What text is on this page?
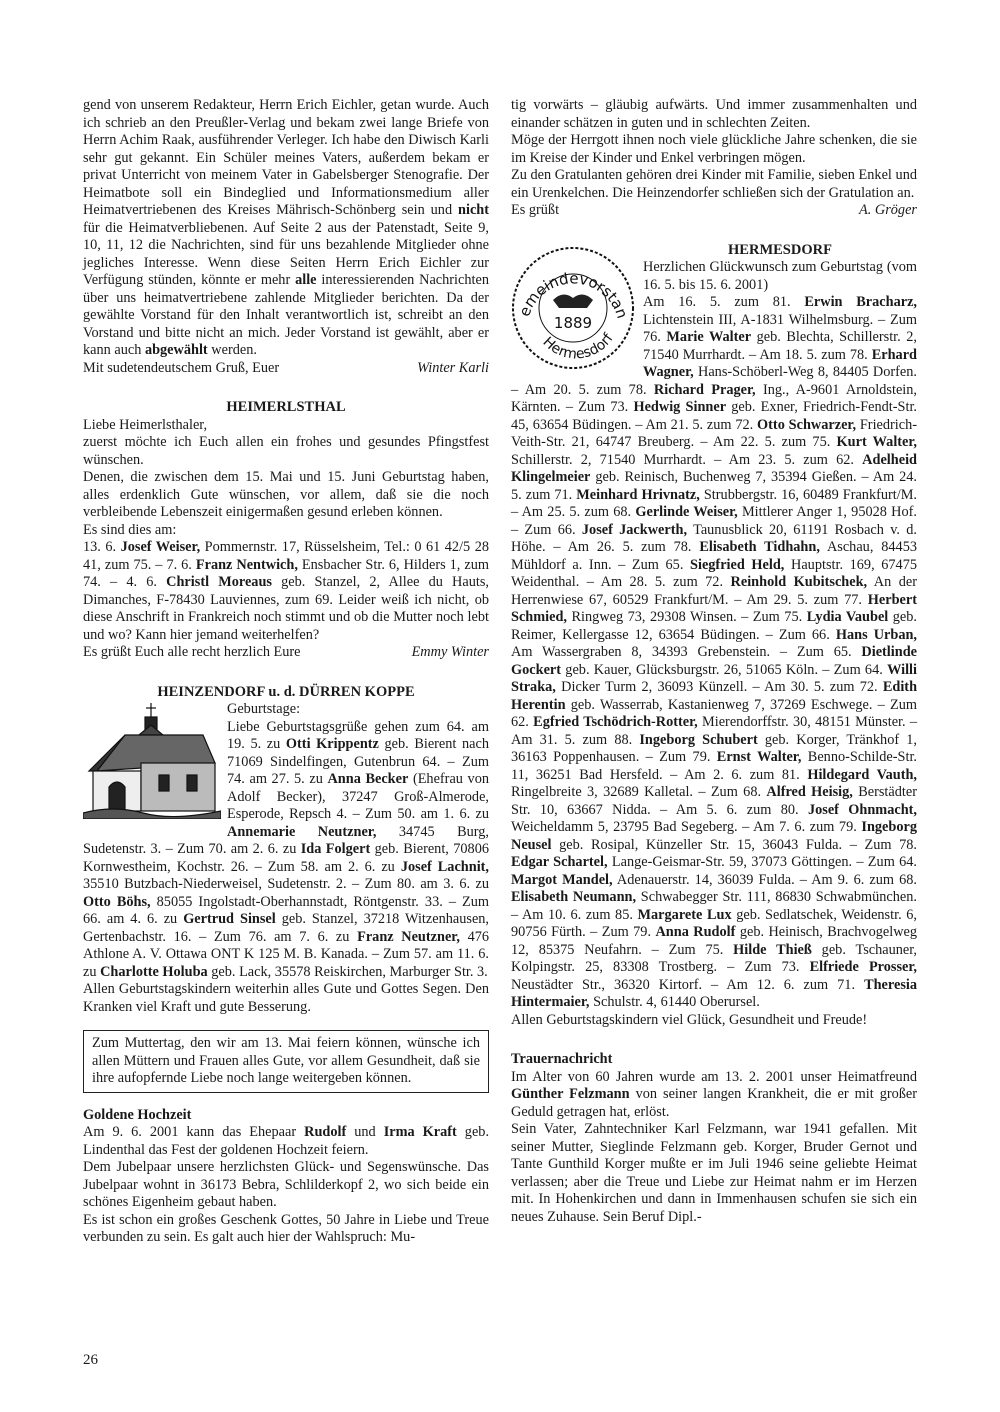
gend von unserem Redakteur, Herrn Erich Eichler, getan wurde. Auch ich schrieb an den Preußler-Verlag und bekam zwei lange Briefe von Herrn Achim Raak, ausführender Verleger. Ich habe den Diwisch Karli sehr gut gekannt. Ein Schüler meines Vaters, außerdem bekam er privat Unterricht von meinem Vater in Gabelsberger Stenografie. Der Heimatbote soll ein Bindeglied und Informationsmedium aller Heimatvertriebenen des Kreises Mährisch-Schönberg sein und nicht für die Heimatverbliebenen. Auf Seite 2 aus der Patenstadt, Seite 9, 10, 11, 12 die Nachrichten, sind für uns bezahlende Mitglieder ohne jegliches Interesse. Wenn diese Seiten Herrn Erich Eichler zur Verfügung stünden, könnte er mehr alle interessierenden Nachrichten über uns heimatvertriebene zahlende Mitglieder berichten. Da der gewählte Vorstand für den Inhalt verantwortlich ist, schreibt an den Vorstand und bitte nicht an mich. Jeder Vorstand ist gewählt, aber er kann auch abgewählt werden.

Mit sudetendeutschem Gruß, Euer	Winter Karli

HEIMERLSTHAL

Liebe Heimerlsthaler,

zuerst möchte ich Euch allen ein frohes und gesundes Pfingstfest wünschen.

Denen, die zwischen dem 15. Mai und 15. Juni Geburtstag haben, alles erdenklich Gute wünschen, vor allem, daß sie die noch verbleibende Lebenszeit einigermaßen gesund erleben können.

Es sind dies am:

13. 6. Josef Weiser, Pommernstr. 17, Rüsselsheim, Tel.: 0 61 42/5 28 41, zum 75. – 7. 6. Franz Nentwich, Ensbacher Str. 6, Hilders 1, zum 74. – 4. 6. Christl Moreaus geb. Stanzel, 2, Allee du Hauts, Dimanches, F-78430 Lauviennes, zum 69. Leider weiß ich nicht, ob diese Anschrift in Frankreich noch stimmt und ob die Mutter noch lebt und wo? Kann hier jemand weiterhelfen?

Es grüßt Euch alle recht herzlich Eure	Emmy Winter

HEINZENDORF u. d. DÜRREN KOPPE

Geburtstage:

Liebe Geburtstagsgrüße gehen zum 64. am 19. 5. zu Otti Krippentz geb. Bierent nach 71069 Sindelfingen, Gutenbrun 64. – Zum 74. am 27. 5. zu Anna Becker (Ehefrau von Adolf Becker), 37247 Groß-Almerode, Esperode, Repsch 4. – Zum 50. am 1. 6. zu Annemarie Neutzner, 34745 Burg, Sudetenstr. 3. – Zum 70. am 2. 6. zu Ida Folgert geb. Bierent, 70806 Kornwestheim, Kochstr. 26. – Zum 58. am 2. 6. zu Josef Lachnit, 35510 Butzbach-Niederweisel, Sudetenstr. 2. – Zum 80. am 3. 6. zu Otto Böhs, 85055 Ingolstadt-Oberhannstadt, Röntgenstr. 33. – Zum 66. am 4. 6. zu Gertrud Sinsel geb. Stanzel, 37218 Witzenhausen, Gertenbachstr. 16. – Zum 76. am 7. 6. zu Franz Neutzner, 476 Athlone A. V. Ottawa ONT K 125 M. B. Kanada. – Zum 57. am 11. 6. zu Charlotte Holuba geb. Lack, 35578 Reiskirchen, Marburger Str. 3.

Allen Geburtstagskindern weiterhin alles Gute und Gottes Segen. Den Kranken viel Kraft und gute Besserung.

Zum Muttertag, den wir am 13. Mai feiern können, wünsche ich allen Müttern und Frauen alles Gute, vor allem Gesundheit, daß sie ihre aufopfernde Liebe noch lange weitergeben können.

Goldene Hochzeit

Am 9. 6. 2001 kann das Ehepaar Rudolf und Irma Kraft geb. Lindenthal das Fest der goldenen Hochzeit feiern.

Dem Jubelpaar unsere herzlichsten Glück- und Segenswünsche. Das Jubelpaar wohnt in 36173 Bebra, Schlilderkopf 2, wo sich beide ein schönes Eigenheim gebaut haben.

Es ist schon ein großes Geschenk Gottes, 50 Jahre in Liebe und Treue verbunden zu sein. Es galt auch hier der Wahlspruch: Mu-

tig vorwärts – gläubig aufwärts. Und immer zusammenhalten und einander schätzen in guten und in schlechten Zeiten.

Möge der Herrgott ihnen noch viele glückliche Jahre schenken, die sie im Kreise der Kinder und Enkel verbringen mögen.

Zu den Gratulanten gehören drei Kinder mit Familie, sieben Enkel und ein Urenkelchen. Die Heinzendorfer schließen sich der Gratulation an.

Es grüßt	A. Gröger
emeindevorstan
Hermesdorf
1889

HERMESDORF

Herzlichen Glückwunsch zum Geburtstag (vom 16. 5. bis 15. 6. 2001)

Am 16. 5. zum 81. Erwin Bracharz, Lichtenstein III, A-1831 Wilhelmsburg. – Zum 76. Marie Walter geb. Blechta, Schillerstr. 2, 71540 Murrhardt. – Am 18. 5. zum 78. Erhard Wagner, Hans-Schöberl-Weg 8, 84405 Dorfen. – Am 20. 5. zum 78. Richard Prager, Ing., A-9601 Arnoldstein, Kärnten. – Zum 73. Hedwig Sinner geb. Exner, Friedrich-Fendt-Str. 45, 63654 Büdingen. – Am 21. 5. zum 72. Otto Schwarzer, Friedrich-Veith-Str. 21, 64747 Breuberg. – Am 22. 5. zum 75. Kurt Walter, Schillerstr. 2, 71540 Murrhardt. – Am 23. 5. zum 62. Adelheid Klingelmeier geb. Reinisch, Buchenweg 7, 35394 Gießen. – Am 24. 5. zum 71. Meinhard Hrivnatz, Strubbergstr. 16, 60489 Frankfurt/M. – Am 25. 5. zum 68. Gerlinde Weiser, Mittlerer Anger 1, 95028 Hof. – Zum 66. Josef Jackwerth, Taunusblick 20, 61191 Rosbach v. d. Höhe. – Am 26. 5. zum 78. Elisabeth Tidhahn, Aschau, 84453 Mühldorf a. Inn. – Zum 65. Siegfried Held, Hauptstr. 169, 67475 Weidenthal. – Am 28. 5. zum 72. Reinhold Kubitschek, An der Herrenwiese 67, 60529 Frankfurt/M. – Am 29. 5. zum 77. Herbert Schmied, Ringweg 73, 29308 Winsen. – Zum 75. Lydia Vaubel geb. Reimer, Kellergasse 12, 63654 Büdingen. – Zum 66. Hans Urban, Am Wassergraben 8, 34393 Grebenstein. – Zum 65. Dietlinde Gockert geb. Kauer, Glücksburgstr. 26, 51065 Köln. – Zum 64. Willi Straka, Dicker Turm 2, 36093 Künzell. – Am 30. 5. zum 72. Edith Herentin geb. Wasserrab, Kastanienweg 7, 37269 Eschwege. – Zum 62. Egfried Tschödrich-Rotter, Mierendorffstr. 30, 48151 Münster. – Am 31. 5. zum 88. Ingeborg Schubert geb. Korger, Tränkhof 1, 36163 Poppenhausen. – Zum 79. Ernst Walter, Benno-Schilde-Str. 11, 36251 Bad Hersfeld. – Am 2. 6. zum 81. Hildegard Vauth, Ringelbreite 3, 32689 Kalletal. – Zum 68. Alfred Heisig, Berstädter Str. 10, 63667 Nidda. – Am 5. 6. zum 80. Josef Ohnmacht, Weicheldamm 5, 23795 Bad Segeberg. – Am 7. 6. zum 79. Ingeborg Neusel geb. Rosipal, Künzeller Str. 15, 36043 Fulda. – Zum 78. Edgar Schartel, Lange-Geismar-Str. 59, 37073 Göttingen. – Zum 64. Margot Mandel, Adenauerstr. 14, 36039 Fulda. – Am 9. 6. zum 68. Elisabeth Neumann, Schwabegger Str. 111, 86830 Schwabmünchen. – Am 10. 6. zum 85. Margarete Lux geb. Sedlatschek, Weidenstr. 6, 90756 Fürth. – Zum 79. Anna Rudolf geb. Heinisch, Brachvogelweg 12, 85375 Neufahrn. – Zum 75. Hilde Thieß geb. Tschauner, Kolpingstr. 25, 83308 Trostberg. – Zum 73. Elfriede Prosser, Neustädter Str., 36320 Kirtorf. – Am 12. 6. zum 71. Theresia Hintermaier, Schulstr. 4, 61440 Oberursel.

Allen Geburtstagskindern viel Glück, Gesundheit und Freude!

Trauernachricht

Im Alter von 60 Jahren wurde am 13. 2. 2001 unser Heimatfreund Günther Felzmann von seiner langen Krankheit, die er mit großer Geduld getragen hat, erlöst.

Sein Vater, Zahntechniker Karl Felzmann, war 1941 gefallen. Mit seiner Mutter, Sieglinde Felzmann geb. Korger, Bruder Gernot und Tante Gunthild Korger mußte er im Juli 1946 seine geliebte Heimat verlassen; aber die Treue und Liebe zur Heimat nahm er im Herzen mit. In Hohenkirchen und dann in Immenhausen schufen sie sich ein neues Zuhause. Sein Beruf Dipl.-

26
